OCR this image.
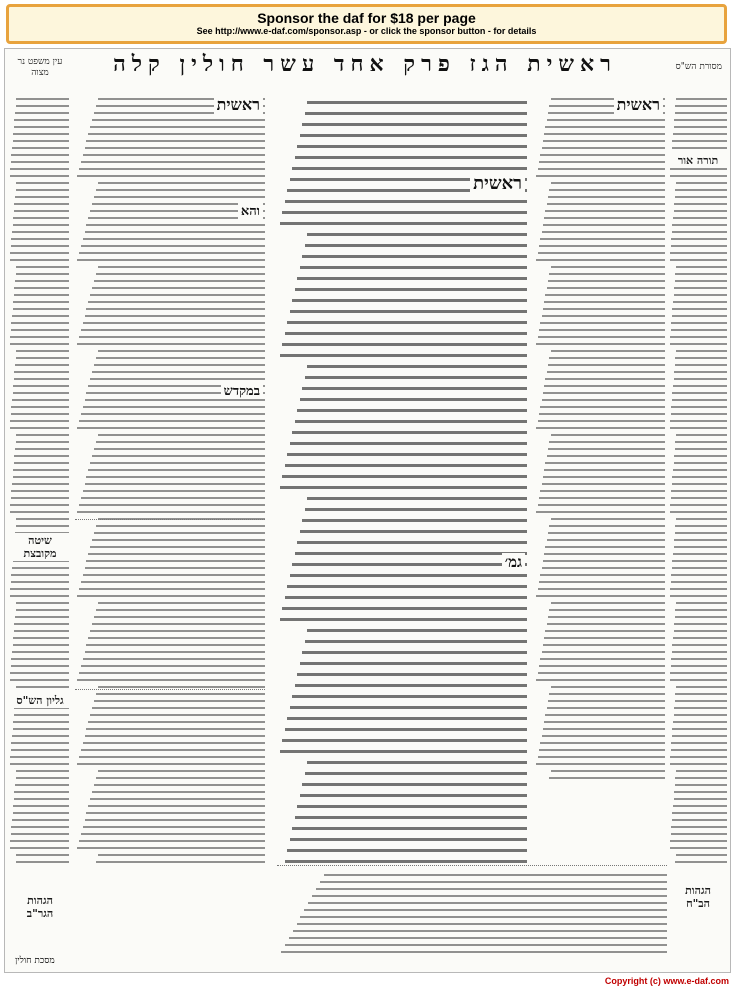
Sponsor the daf for $18 per page
See http://www.e-daf.com/sponsor.asp - or click the sponsor button - for details
עין משפט נר מצוה	ראשית הגז פרק אחד עשר חולין קלה	מסורת הש"ס
שיטה מקובצת
גליון הש"ס
הגהות הגר"ב
ראשית
והא
במקדש
ראשית
גמ׳
ראשית
תורה אור
הגהות הב"ח
מסכת חולין
Copyright (c) www.e-daf.com
